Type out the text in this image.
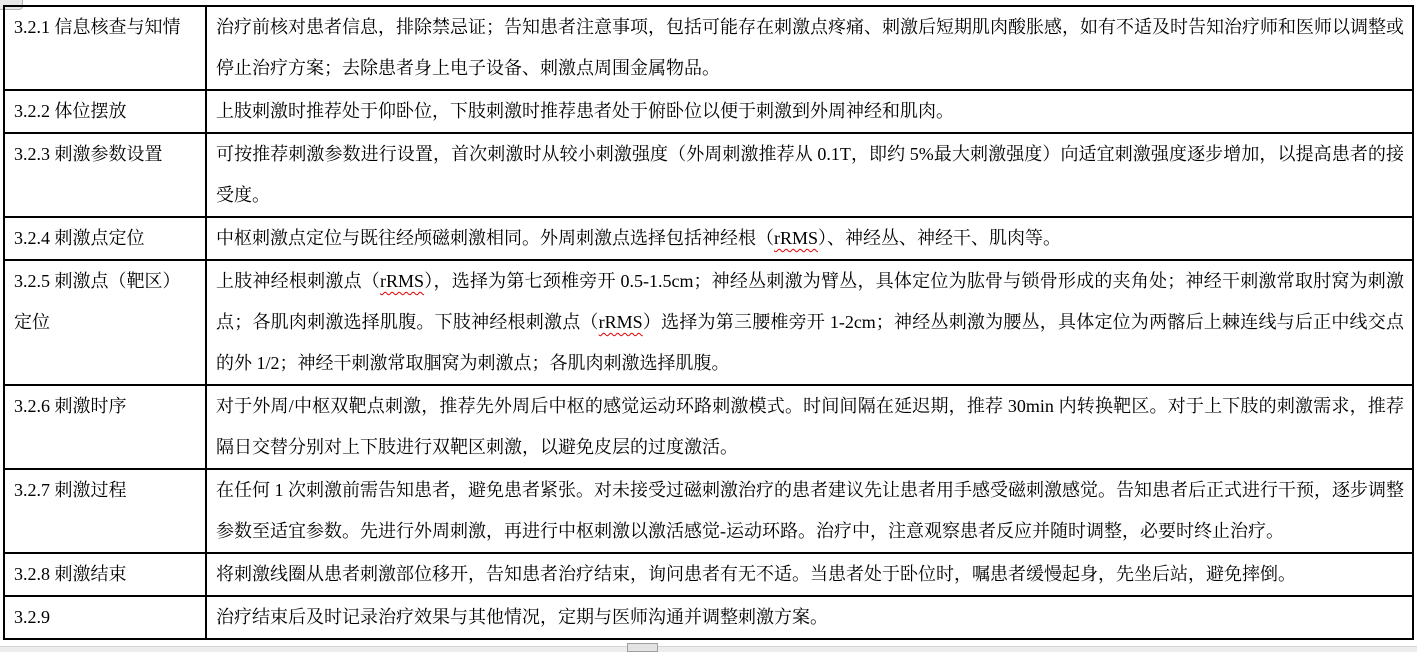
3.2.1 信息核查与知情	治疗前核对患者信息，排除禁忌证；告知患者注意事项，包括可能存在刺激点疼痛、刺激后短期肌肉酸胀感，如有不适及时告知治疗师和医师以调整或停止治疗方案；去除患者身上电子设备、刺激点周围金属物品。
3.2.2 体位摆放	上肢刺激时推荐处于仰卧位，下肢刺激时推荐患者处于俯卧位以便于刺激到外周神经和肌肉。
3.2.3 刺激参数设置	可按推荐刺激参数进行设置，首次刺激时从较小刺激强度（外周刺激推荐从 0.1T，即约 5%最大刺激强度）向适宜刺激强度逐步增加，以提高患者的接受度。
3.2.4 刺激点定位	中枢刺激点定位与既往经颅磁刺激相同。外周刺激点选择包括神经根（rRMS）、神经丛、神经干、肌肉等。
3.2.5 刺激点（靶区）定位	上肢神经根刺激点（rRMS），选择为第七颈椎旁开 0.5-1.5cm；神经丛刺激为臂丛，具体定位为肱骨与锁骨形成的夹角处；神经干刺激常取肘窝为刺激点；各肌肉刺激选择肌腹。下肢神经根刺激点（rRMS）选择为第三腰椎旁开 1-2cm；神经丛刺激为腰丛，具体定位为两髂后上棘连线与后正中线交点的外 1/2；神经干刺激常取腘窝为刺激点；各肌肉刺激选择肌腹。
3.2.6 刺激时序	对于外周/中枢双靶点刺激，推荐先外周后中枢的感觉运动环路刺激模式。时间间隔在延迟期，推荐 30min 内转换靶区。对于上下肢的刺激需求，推荐隔日交替分别对上下肢进行双靶区刺激，以避免皮层的过度激活。
3.2.7 刺激过程	在任何 1 次刺激前需告知患者，避免患者紧张。对未接受过磁刺激治疗的患者建议先让患者用手感受磁刺激感觉。告知患者后正式进行干预，逐步调整参数至适宜参数。先进行外周刺激，再进行中枢刺激以激活感觉-运动环路。治疗中，注意观察患者反应并随时调整，必要时终止治疗。
3.2.8 刺激结束	将刺激线圈从患者刺激部位移开，告知患者治疗结束，询问患者有无不适。当患者处于卧位时，嘱患者缓慢起身，先坐后站，避免摔倒。
3.2.9	治疗结束后及时记录治疗效果与其他情况，定期与医师沟通并调整刺激方案。
